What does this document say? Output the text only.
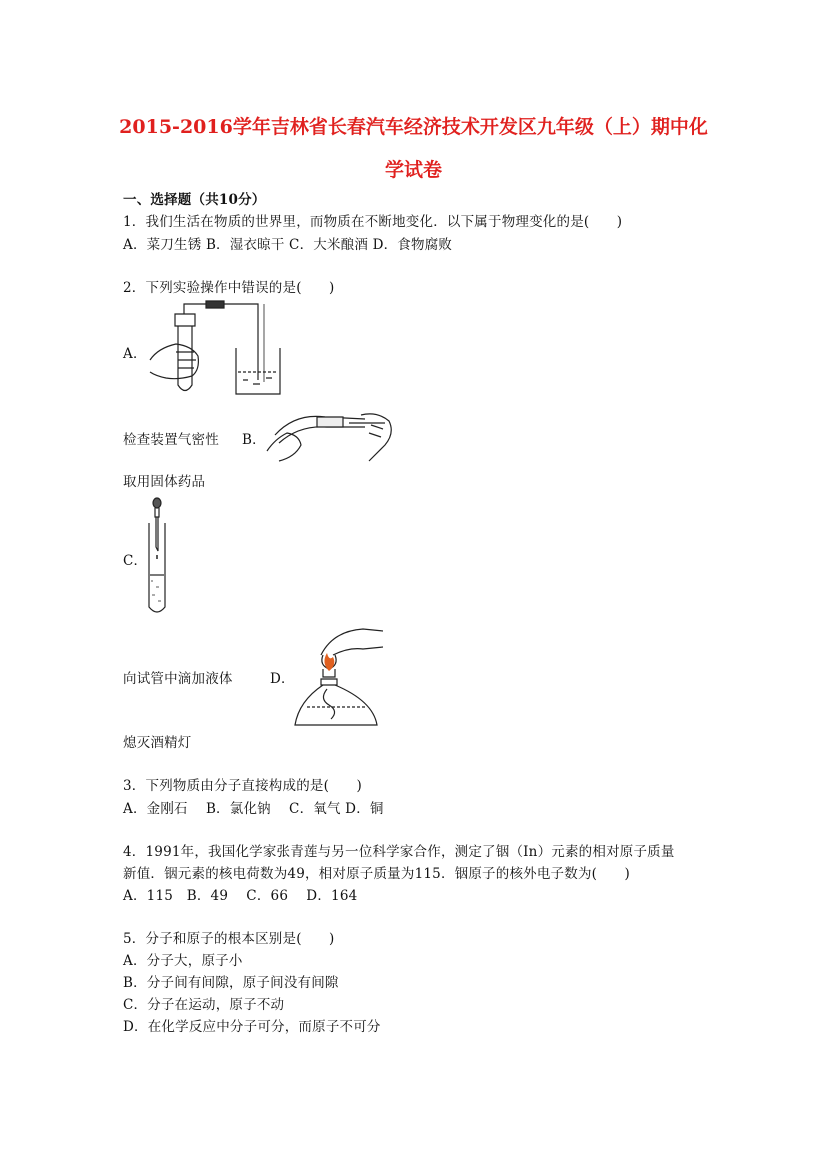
2015-2016学年吉林省长春汽车经济技术开发区九年级（上）期中化
学试卷
一、选择题（共10分）
1．我们生活在物质的世界里，而物质在不断地变化．以下属于物理变化的是(　　)
A．菜刀生锈 B．湿衣晾干 C．大米酿酒 D．食物腐败
2．下列实验操作中错误的是(　　)
A．
检查装置气密性 B．
取用固体药品
C．
向试管中滴加液体	D．
熄灭酒精灯
3．下列物质由分子直接构成的是(　　)
A．金刚石　 B．氯化钠　 C．氧气 D．铜
4．1991年，我国化学家张青莲与另一位科学家合作，测定了铟（In）元素的相对原子质量
新值．铟元素的核电荷数为49，相对原子质量为115．铟原子的核外电子数为(　　)
A．115　B．49　 C．66　 D．164
5．分子和原子的根本区别是(　　)
A．分子大，原子小
B．分子间有间隙，原子间没有间隙
C．分子在运动，原子不动
D．在化学反应中分子可分，而原子不可分
